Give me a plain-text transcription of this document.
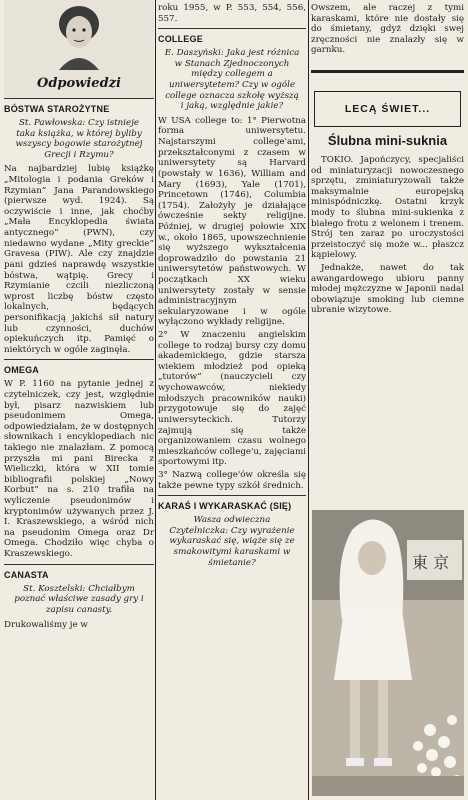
Odpowiedzi
BÓSTWA STAROŻYTNE

St. Pawłowska: Czy istnieje taka książka, w której byliby wszyscy bogowie starożytnej Grecji i Rzymu?

Na najbardziej lubię książkę „Mitologia i podania Greków i Rzymian” Jana Parandowskiego (pierwsze wyd. 1924). Są oczywiście i inne, jak choćby „Mała Encyklopedia świata antycznego” (PWN), czy niedawno wydane „Mity greckie” Gravesa (PIW). Ale czy znajdzie pani gdzieś naprawdę wszystkie bóstwa, wątpię. Grecy i Rzymianie czcili niezliczoną wprost liczbę bóstw często lokalnych, będących personifikacją jakichś sił natury lub czynności, duchów opiekuńczych itp. Pamięć o niektórych w ogóle zaginęła.

OMEGA

W P. 1160 na pytanie jednej z czytelniczek, czy jest, względnie był, pisarz nazwiskiem lub pseudonimem Omega, odpowiedziałam, że w dostępnych słownikach i encyklopediach nic takiego nie znalazłam. Z pomocą przyszła mi pani Birecka z Wieliczki, która w XII tomie bibliografii polskiej „Nowy Korbut” na s. 210 trafiła na wyliczenie pseudonimów i kryptonimów używanych przez J. I. Kraszewskiego, a wśród nich na pseudonim Omega oraz Dr Omega. Chodziło więc chyba o Kraszewskiego.

CANASTA

St. Kosztelski: Chciałbym poznać właściwe zasady gry i zapisu canasty.

Drukowaliśmy je w

roku 1955, w P. 553, 554, 556, 557.

COLLEGE

E. Daszyński: Jaka jest różnica w Stanach Zjednoczonych między collegem a uniwersytetem? Czy w ogóle college oznacza szkołę wyższą i jaką, względnie jakie?

W USA college to: 1° Pierwotna forma uniwersytetu. Najstarszymi college'ami, przekształconymi z czasem w uniwersytety są Harvard (powstały w 1636), William and Mary (1693), Yale (1701), Princetown (1746), Columbia (1754). Założyły je działające ówcześnie sekty religijne. Później, w drugiej połowie XIX w., około 1865, upowszechnienie się wyższego wykształcenia doprowadziło do powstania 21 uniwersytetów państwowych. W początkach XX wieku uniwersytety zostały w sensie administracyjnym sekularyzowane i w ogóle wyłączono wykłady religijne.

2° W znaczeniu angielskim college to rodzaj bursy czy domu akademickiego, gdzie starsza wiekiem młodzież pod opieką „tutorów” (nauczycieli czy wychowawców, niekiedy młodszych pracowników nauki) przygotowuje się do zajęć uniwersyteckich. Tutorzy zajmują się także organizowaniem czasu wolnego mieszkańców college'u, zajęciami sportowymi itp.

3° Nazwą college'ów określa się także pewne typy szkół średnich.

KARAŚ I WYKARASKAĆ (SIĘ)

Wasza odwieczna Czytelniczka: Czy wyrażenie wykaraskać się, wiąże się ze smakowitymi karaskami w śmietanie?

Owszem, ale raczej z tymi karaskami, które nie dostały się do śmietany, gdyż dzięki swej zręczności nie znalazły się w garnku.

LECĄ ŚWIET...
Ślubna mini-suknia

TOKIO. Japończycy, specjaliści od miniaturyzacji nowoczesnego sprzętu, zminiaturyzowali także maksymalnie europejską minispódniczkę. Ostatni krzyk mody to ślubna mini-sukienka z białego frotu z welonem i trenem. Strój ten zaraz po uroczystości przeistoczyć się może w... płaszcz kąpielowy.

Jednakże, nawet do tak awangardowego ubioru panny młodej mężczyzne w Japonii nadal obowiązuje smoking lub ciemne ubranie wizytowe.

東 京
